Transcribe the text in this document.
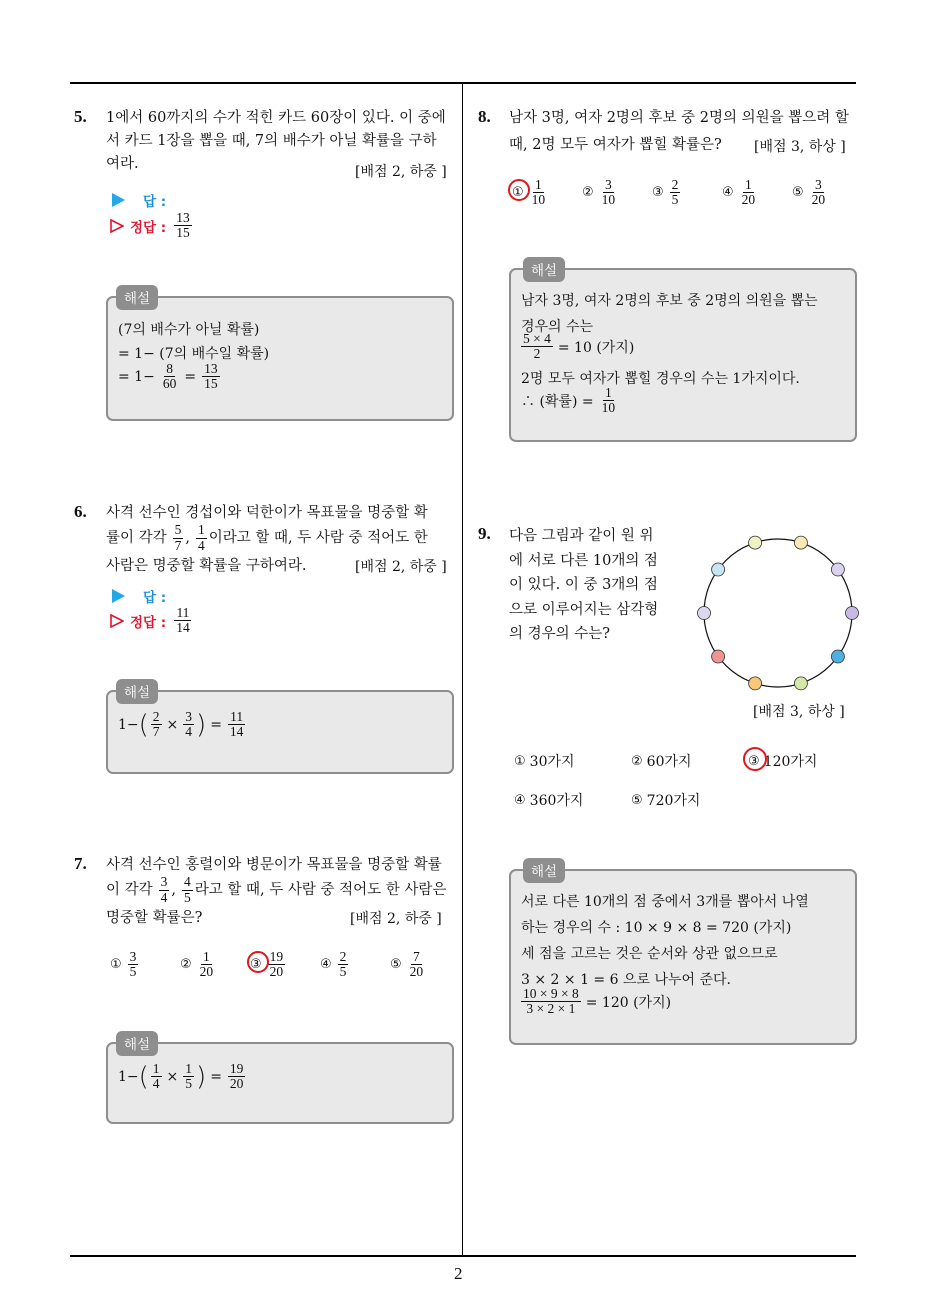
2
5. 1에서 60까지의 수가 적힌 카드 60장이 있다. 이 중에
서 카드 1장을 뽑을 때, 7의 배수가 아닐 확률을 구하
여라.	[배점 2, 하중 ]
답 :
정답 : $\frac{13}{15}$
해설
(7의 배수가 아닐 확률)
= 1− (7의 배수일 확률)
= $1- \frac{8}{60} = \frac{13}{15}$
6. 사격 선수인 경섭이와 덕한이가 목표물을 명중할 확
률이 각각 $\frac{5}{7}$ , $\frac{1}{4}$ 이라고 할 때, 두 사람 중 적어도 한
사람은 명중할 확률을 구하여라.	[배점 2, 하중 ]
답 :
정답 : $\frac{11}{14}$
해설
1− ( $\frac{2}{7} \times \frac{3}{4}$ ) = $\frac{11}{14}$
7. 사격 선수인 홍렬이와 병문이가 목표물을 명중할 확률
이 각각 $\frac{3}{4}$ , $\frac{4}{5}$ 라고 할 때, 두 사람 중 적어도 한 사람은
명중할 확률은?	[배점 2, 하중 ]
① $\frac{3}{5}$	② $\frac{1}{20}$	③ $\frac{19}{20}$	④ $\frac{2}{5}$	⑤ $\frac{7}{20}$
해설
1− ( $\frac{1}{4} \times \frac{1}{5}$ ) = $\frac{19}{20}$
8. 남자 3명, 여자 2명의 후보 중 2명의 의원을 뽑으려 할
때, 2명 모두 여자가 뽑힐 확률은? [배점 3, 하상 ]
① $\frac{1}{10}$	② $\frac{3}{10}$	③ $\frac{2}{5}$	④ $\frac{1}{20}$	⑤ $\frac{3}{20}$
해설
남자 3명, 여자 2명의 후보 중 2명의 의원을 뽑는
경우의 수는
$\frac{5 \times 4}{2} = 10$ (가지)
2명 모두 여자가 뽑힐 경우의 수는 1가지이다.
∴ (확률) = $\frac{1}{10}$
9. 다음 그림과 같이 원 위
에 서로 다른 10개의 점
이 있다. 이 중 3개의 점
으로 이루어지는 삼각형
의 경우의 수는?
[배점 3, 하상 ]
① 30가지	② 60가지	③ 120가지
④ 360가지	⑤ 720가지
해설
서로 다른 10개의 점 중에서 3개를 뽑아서 나열
하는 경우의 수 : 10 × 9 × 8 = 720 (가지)
세 점을 고르는 것은 순서와 상관 없으므로
3 × 2 × 1 = 6 으로 나누어 준다.
$\frac{10 \times 9 \times 8}{3 \times 2 \times 1} = 120$ (가지)
